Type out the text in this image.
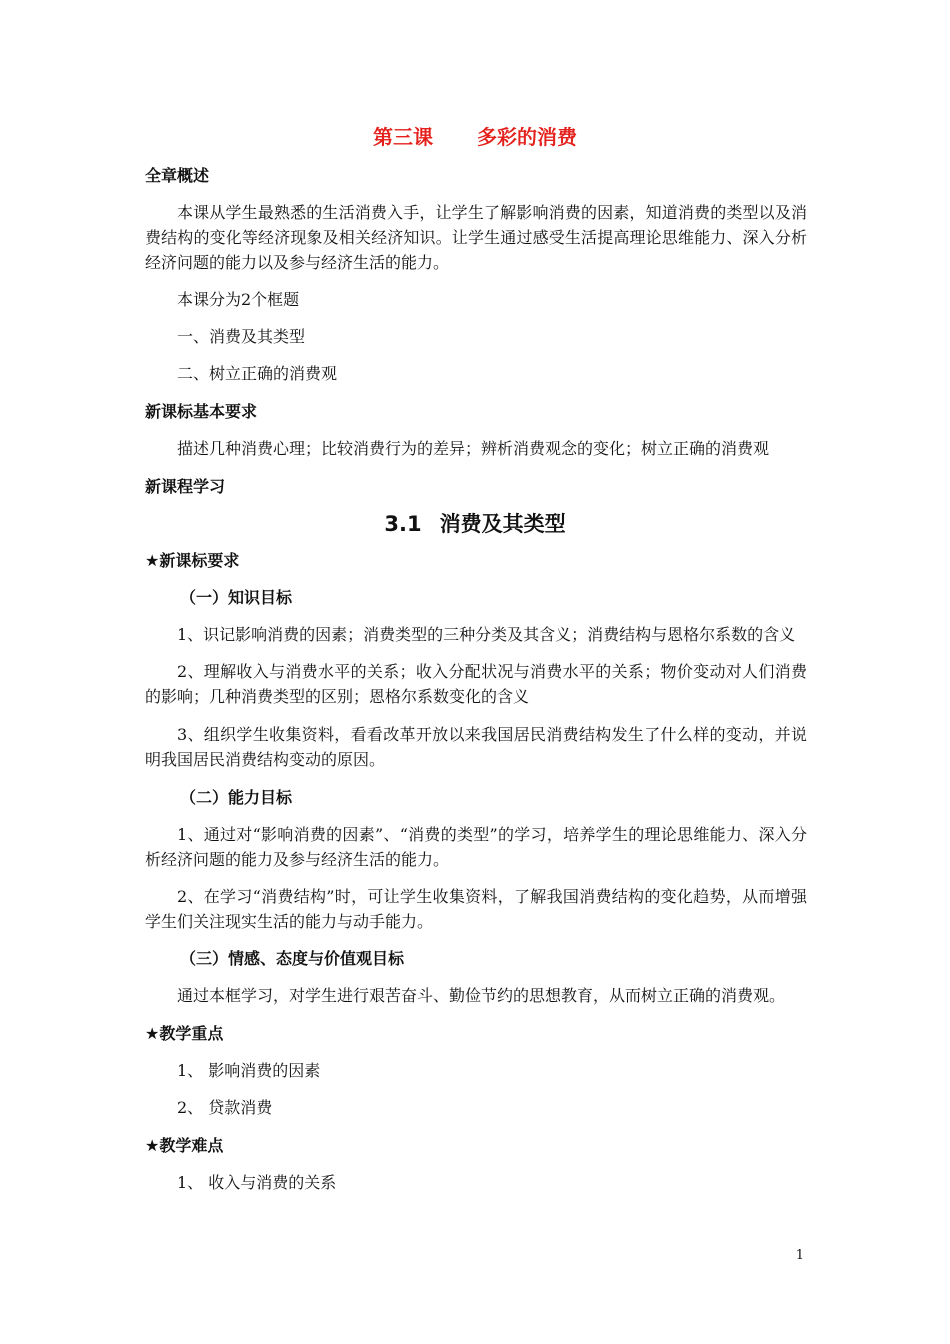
第三课 多彩的消费
全章概述
本课从学生最熟悉的生活消费入手，让学生了解影响消费的因素，知道消费的类型以及消费结构的变化等经济现象及相关经济知识。让学生通过感受生活提高理论思维能力、深入分析经济问题的能力以及参与经济生活的能力。
本课分为2个框题
一、消费及其类型
二、树立正确的消费观
新课标基本要求
描述几种消费心理；比较消费行为的差异；辨析消费观念的变化；树立正确的消费观
新课程学习
3.1 消费及其类型
★新课标要求
（一）知识目标
1、识记影响消费的因素；消费类型的三种分类及其含义；消费结构与恩格尔系数的含义
2、理解收入与消费水平的关系；收入分配状况与消费水平的关系；物价变动对人们消费的影响；几种消费类型的区别；恩格尔系数变化的含义
3、组织学生收集资料，看看改革开放以来我国居民消费结构发生了什么样的变动，并说明我国居民消费结构变动的原因。
（二）能力目标
1、通过对“影响消费的因素”、“消费的类型”的学习，培养学生的理论思维能力、深入分析经济问题的能力及参与经济生活的能力。
2、在学习“消费结构”时，可让学生收集资料，了解我国消费结构的变化趋势，从而增强学生们关注现实生活的能力与动手能力。
（三）情感、态度与价值观目标
通过本框学习，对学生进行艰苦奋斗、勤俭节约的思想教育，从而树立正确的消费观。
★教学重点
1、 影响消费的因素
2、 贷款消费
★教学难点
1、 收入与消费的关系
1
